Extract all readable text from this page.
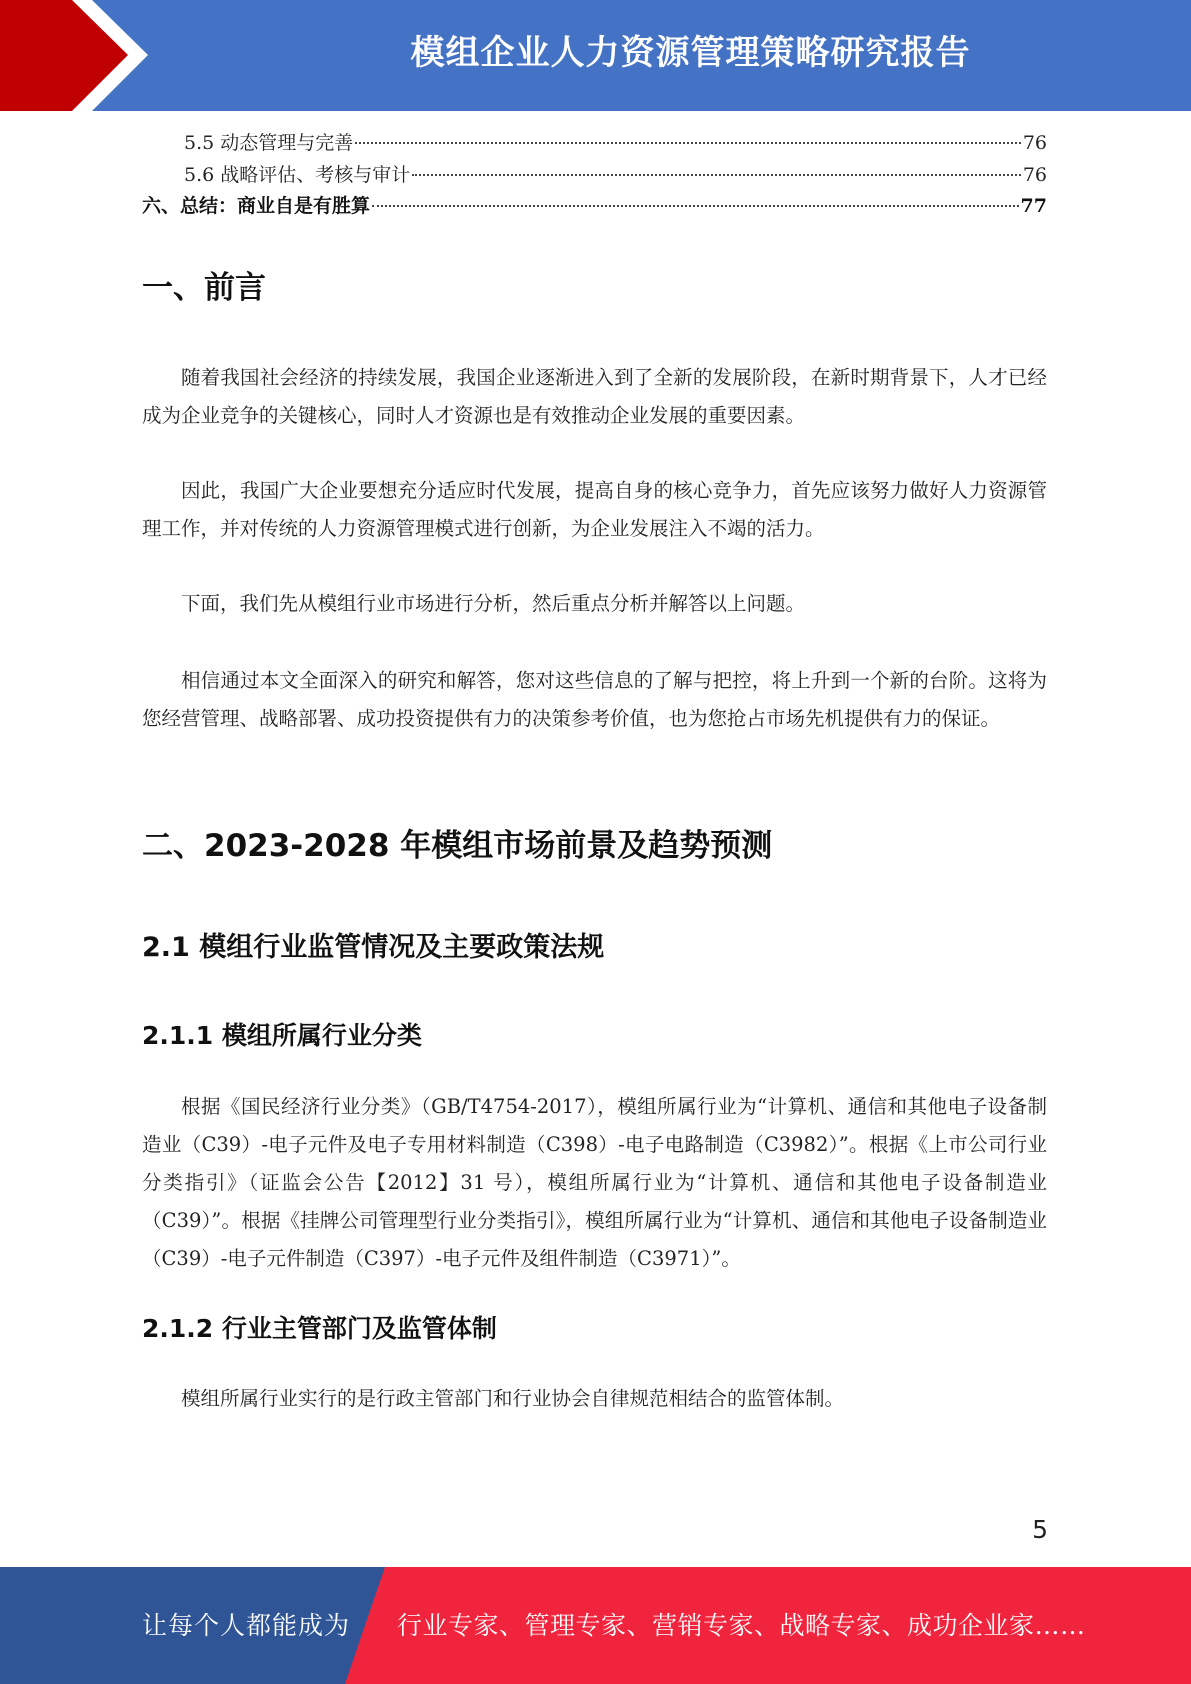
模组企业人力资源管理策略研究报告
5.5 动态管理与完善	76
5.6 战略评估、考核与审计	76
六、总结：商业自是有胜算	77
一、前言

随着我国社会经济的持续发展，我国企业逐渐进入到了全新的发展阶段，在新时期背景下，人才已经成为企业竞争的关键核心，同时人才资源也是有效推动企业发展的重要因素。

因此，我国广大企业要想充分适应时代发展，提高自身的核心竞争力，首先应该努力做好人力资源管理工作，并对传统的人力资源管理模式进行创新，为企业发展注入不竭的活力。

下面，我们先从模组行业市场进行分析，然后重点分析并解答以上问题。

相信通过本文全面深入的研究和解答，您对这些信息的了解与把控，将上升到一个新的台阶。这将为您经营管理、战略部署、成功投资提供有力的决策参考价值，也为您抢占市场先机提供有力的保证。

二、2023-2028 年模组市场前景及趋势预测
2.1 模组行业监管情况及主要政策法规
2.1.1 模组所属行业分类

根据《国民经济行业分类》（GB/T4754-2017），模组所属行业为“计算机、通信和其他电子设备制造业（C39）-电子元件及电子专用材料制造（C398）-电子电路制造（C3982）”。根据《上市公司行业分类指引》（证监会公告【2012】31 号），模组所属行业为“计算机、通信和其他电子设备制造业（C39）”。根据《挂牌公司管理型行业分类指引》，模组所属行业为“计算机、通信和其他电子设备制造业（C39）-电子元件制造（C397）-电子元件及组件制造（C3971）”。

2.1.2 行业主管部门及监管体制

模组所属行业实行的是行政主管部门和行业协会自律规范相结合的监管体制。

5
让每个人都能成为 行业专家、管理专家、营销专家、战略专家、成功企业家……
